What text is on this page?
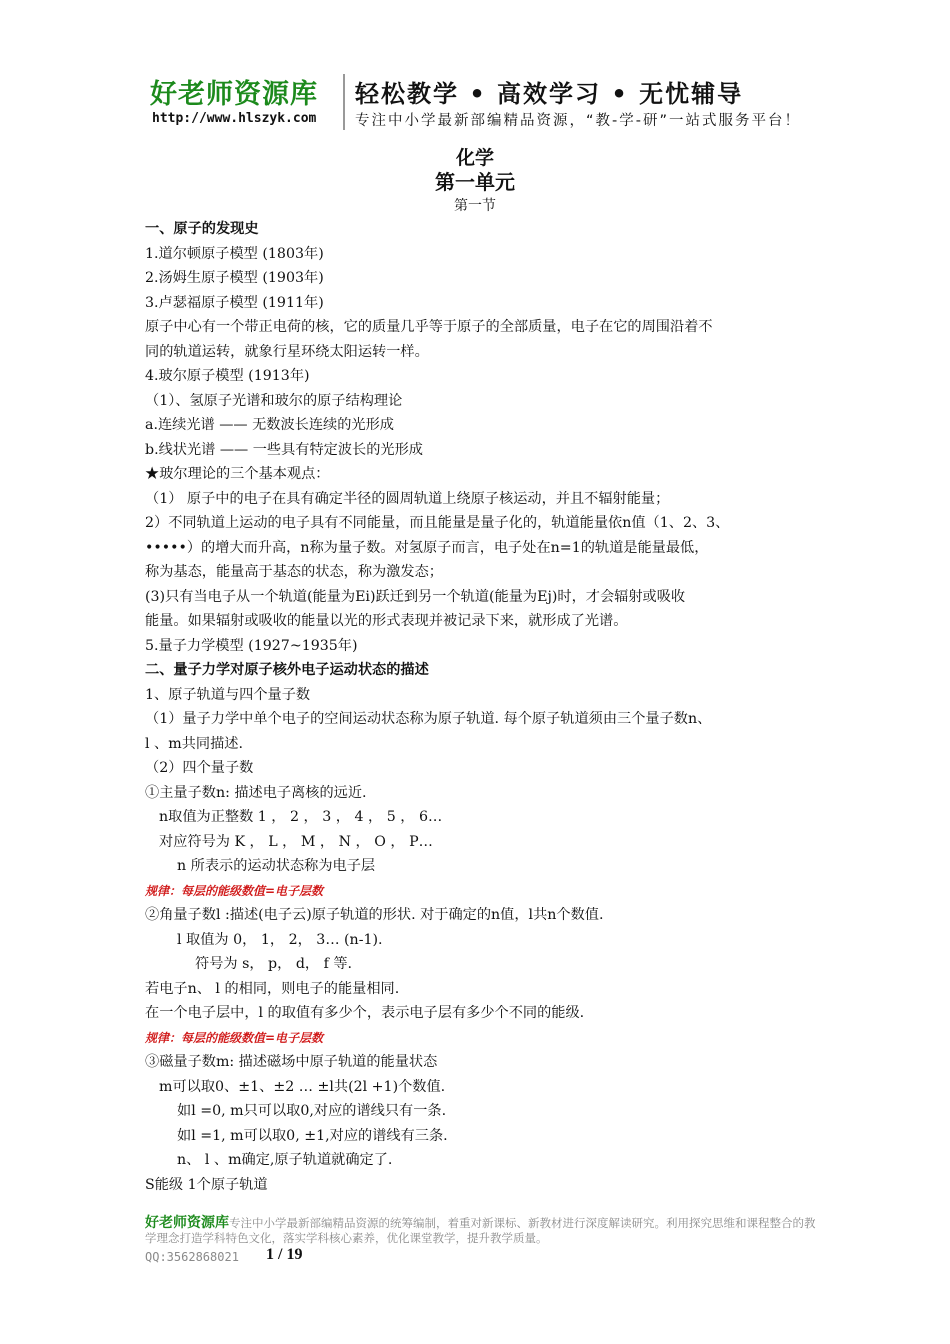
好老师资源库 轻松教学 • 高效学习 • 无忧辅导
http://www.hlszyk.com	专注中小学最新部编精品资源，“教-学-研”一站式服务平台！
化学
第一单元
第一节
一、原子的发现史
1.道尔顿原子模型 (1803年)
2.汤姆生原子模型 (1903年)
3.卢瑟福原子模型 (1911年)
原子中心有一个带正电荷的核，它的质量几乎等于原子的全部质量，电子在它的周围沿着不
同的轨道运转，就象行星环绕太阳运转一样。
4.玻尔原子模型 (1913年)
（1）、氢原子光谱和玻尔的原子结构理论
a.连续光谱 —— 无数波长连续的光形成
b.线状光谱 —— 一些具有特定波长的光形成
★玻尔理论的三个基本观点：
（1） 原子中的电子在具有确定半径的圆周轨道上绕原子核运动，并且不辐射能量；
2）不同轨道上运动的电子具有不同能量，而且能量是量子化的，轨道能量依n值（1、2、3、
•••••）的增大而升高，n称为量子数。对氢原子而言，电子处在n=1的轨道是能量最低，
称为基态，能量高于基态的状态，称为激发态；
(3)只有当电子从一个轨道(能量为Ei)跃迁到另一个轨道(能量为Ej)时，才会辐射或吸收
能量。如果辐射或吸收的能量以光的形式表现并被记录下来，就形成了光谱。
5.量子力学模型 (1927~1935年)
二、量子力学对原子核外电子运动状态的描述
1、原子轨道与四个量子数
（1）量子力学中单个电子的空间运动状态称为原子轨道. 每个原子轨道须由三个量子数n、
l 、m共同描述.
（2）四个量子数
①主量子数n: 描述电子离核的远近.
n取值为正整数 1 ， 2 ， 3 ， 4 ， 5 ， 6…
对应符号为 K ， L ， M ， N ， O ， P…
n 所表示的运动状态称为电子层
规律：每层的能级数值=电子层数
②角量子数l :描述(电子云)原子轨道的形状. 对于确定的n值，l共n个数值.
l 取值为 0， 1， 2， 3… (n-1).
符号为 s， p， d， f 等.
若电子n、 l 的相同，则电子的能量相同.
在一个电子层中，l 的取值有多少个，表示电子层有多少个不同的能级.
规律：每层的能级数值=电子层数
③磁量子数m: 描述磁场中原子轨道的能量状态
m可以取0、±1、±2 … ±l共(2l +1)个数值.
如l =0, m只可以取0,对应的谱线只有一条.
如l =1, m可以取0, ±1,对应的谱线有三条.
n、 l 、m确定,原子轨道就确定了.
S能级 1个原子轨道
好老师资源库专注中小学最新部编精品资源的统筹编制，着重对新课标、新教材进行深度解读研究。利用探究思维和课程整合的教学理念打造学科特色文化，落实学科核心素养，优化课堂教学，提升教学质量。
QQ:3562868021 1 / 19
